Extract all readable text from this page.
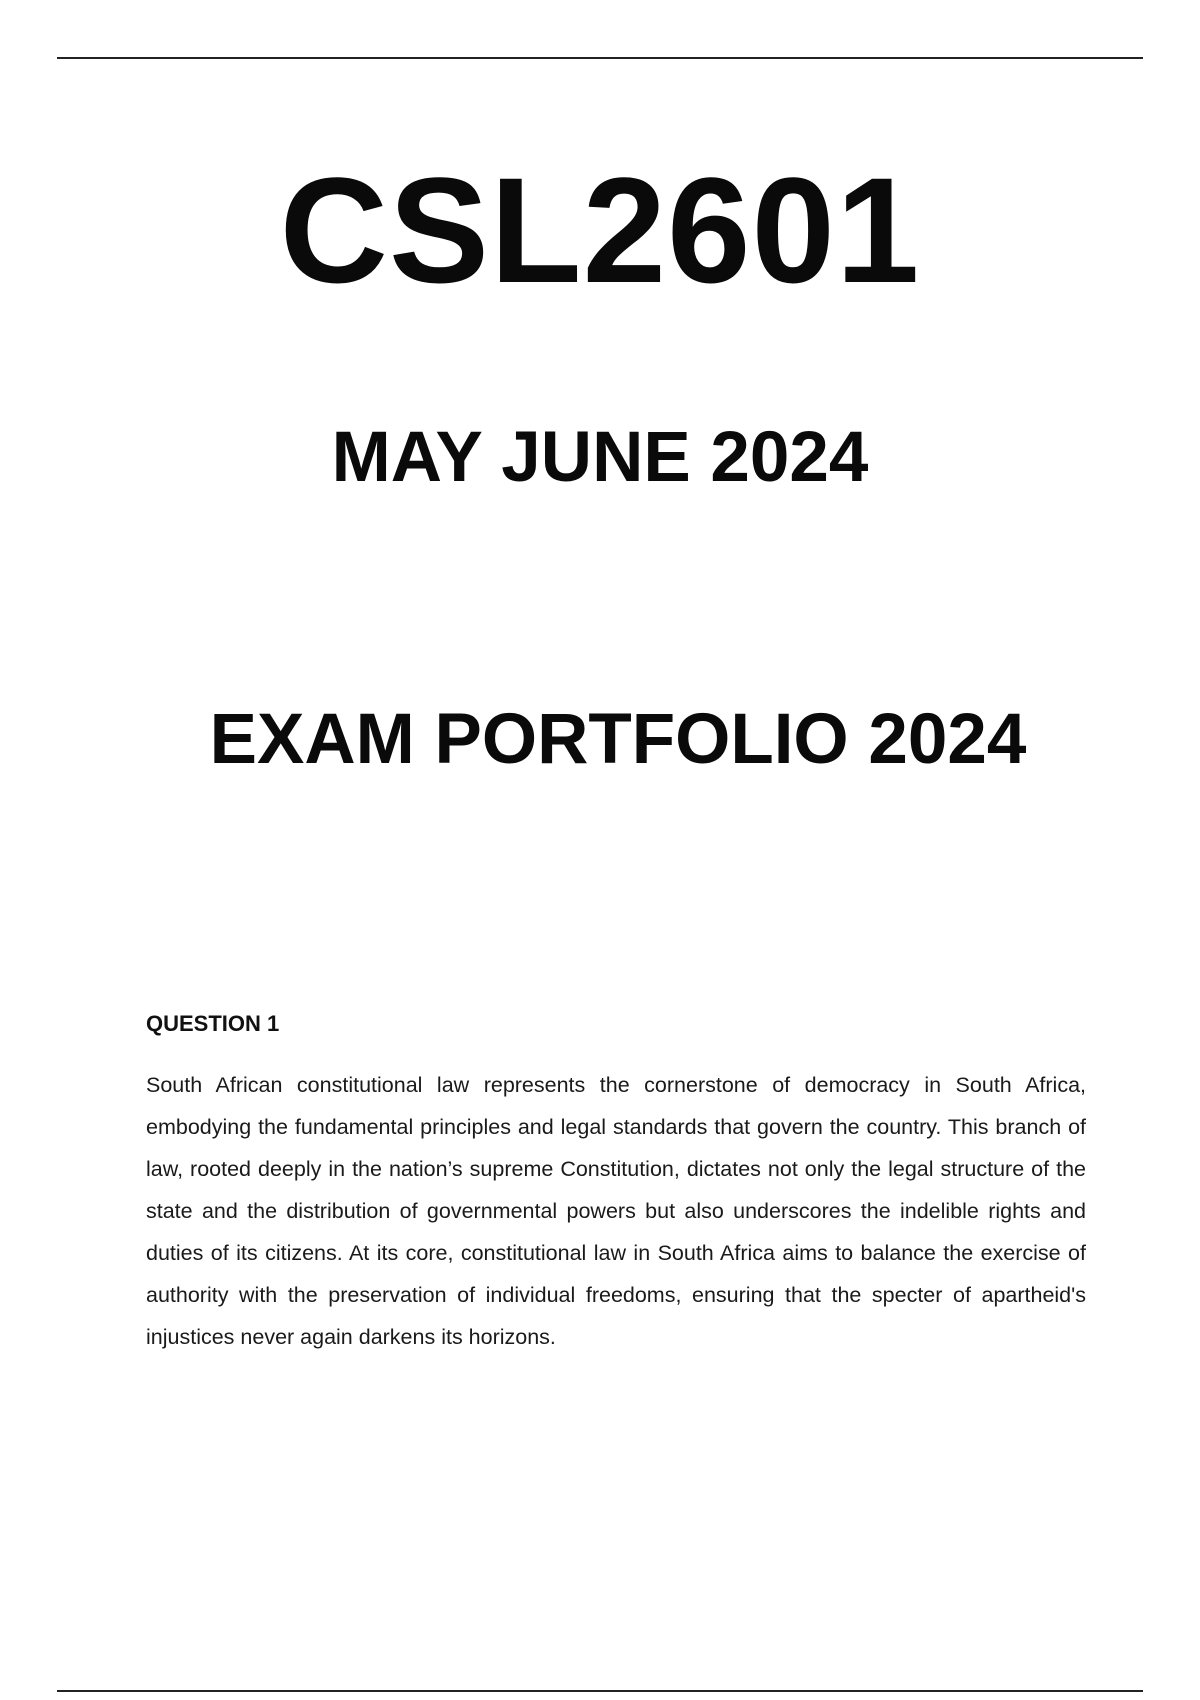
CSL2601
MAY JUNE 2024
EXAM PORTFOLIO 2024
QUESTION 1

South African constitutional law represents the cornerstone of democracy in South Africa, embodying the fundamental principles and legal standards that govern the country. This branch of law, rooted deeply in the nation’s supreme Constitution, dictates not only the legal structure of the state and the distribution of governmental powers but also underscores the indelible rights and duties of its citizens. At its core, constitutional law in South Africa aims to balance the exercise of authority with the preservation of individual freedoms, ensuring that the specter of apartheid's injustices never again darkens its horizons.
